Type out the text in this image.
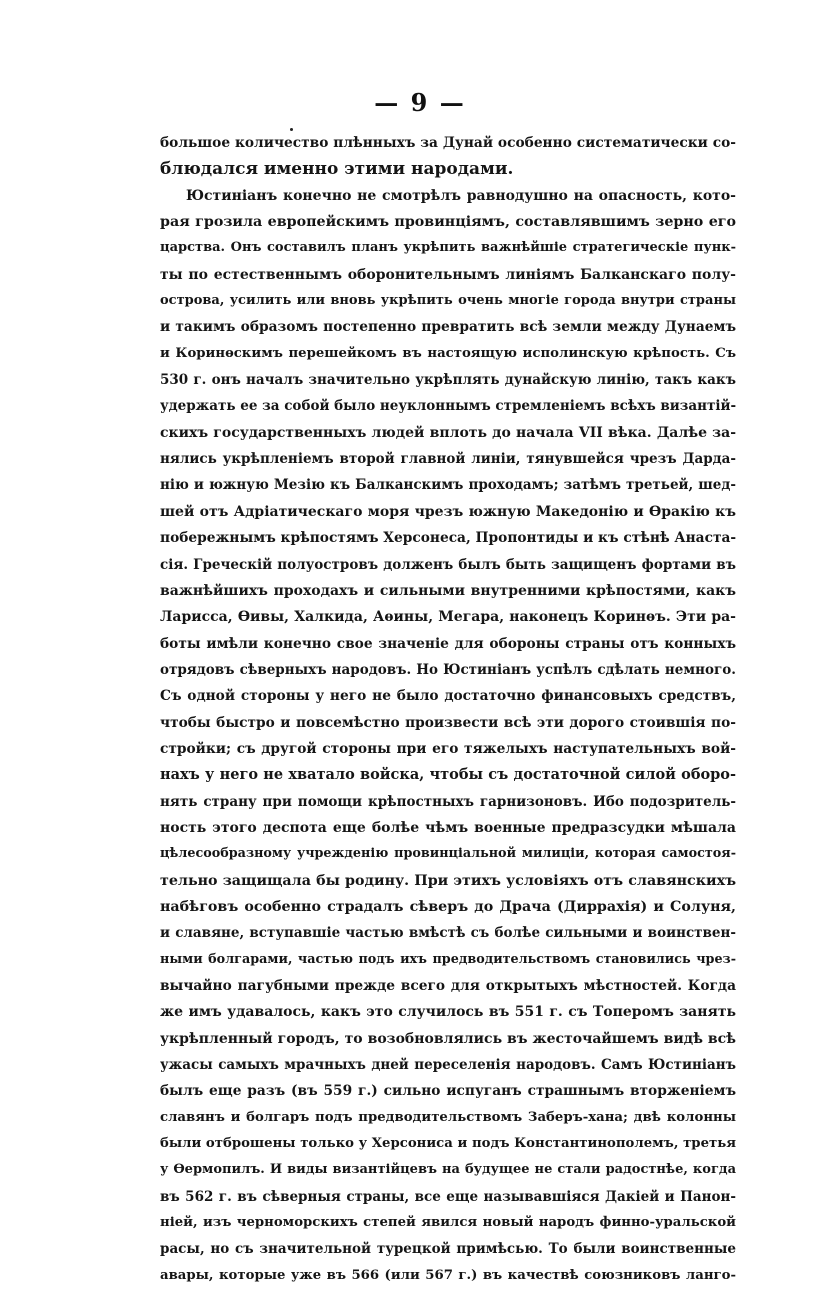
— 9 —
большое количество плѣнныхъ за Дунай особенно систематически со-
блюдался именно этими народами.
Юстиніанъ конечно не смотрѣлъ равнодушно на опасность, кото-
рая грозила европейскимъ провинціямъ, составлявшимъ зерно его
царства. Онъ составилъ планъ укрѣпить важнѣйшіе стратегическіе пунк-
ты по естественнымъ оборонительнымъ линіямъ Балканскаго полу-
острова, усилить или вновь укрѣпить очень многіе города внутри страны
и такимъ образомъ постепенно превратить всѣ земли между Дунаемъ
и Коринѳскимъ перешейкомъ въ настоящую исполинскую крѣпость. Съ
530 г. онъ началъ значительно укрѣплять дунайскую линію, такъ какъ
удержать ее за собой было неуклоннымъ стремленіемъ всѣхъ византій-
скихъ государственныхъ людей вплоть до начала VII вѣка. Далѣе за-
нялись укрѣпленіемъ второй главной линіи, тянувшейся чрезъ Дарда-
нію и южную Мезію къ Балканскимъ проходамъ; затѣмъ третьей, шед-
шей отъ Адріатическаго моря чрезъ южную Македонію и Ѳракію къ
побережнымъ крѣпостямъ Херсонеса, Пропонтиды и къ стѣнѣ Анаста-
сія. Греческій полуостровъ долженъ былъ быть защищенъ фортами въ
важнѣйшихъ проходахъ и сильными внутренними крѣпостями, какъ
Ларисса, Ѳивы, Халкида, Аѳины, Мегара, наконецъ Коринѳъ. Эти ра-
боты имѣли конечно свое значеніе для обороны страны отъ конныхъ
отрядовъ сѣверныхъ народовъ. Но Юстиніанъ успѣлъ сдѣлать немного.
Съ одной стороны у него не было достаточно финансовыхъ средствъ,
чтобы быстро и повсемѣстно произвести всѣ эти дорого стоившія по-
стройки; съ другой стороны при его тяжелыхъ наступательныхъ вой-
нахъ у него не хватало войска, чтобы съ достаточной силой оборо-
нять страну при помощи крѣпостныхъ гарнизоновъ. Ибо подозритель-
ность этого деспота еще болѣе чѣмъ военные предразсудки мѣшала
цѣлесообразному учрежденію провинціальной милиціи, которая самостоя-
тельно защищала бы родину. При этихъ условіяхъ отъ славянскихъ
набѣговъ особенно страдалъ сѣверъ до Драча (Диррахія) и Солуня,
и славяне, вступавшіе частью вмѣстѣ съ болѣе сильными и воинствен-
ными болгарами, частью подъ ихъ предводительствомъ становились чрез-
вычайно пагубными прежде всего для открытыхъ мѣстностей. Когда
же имъ удавалось, какъ это случилось въ 551 г. съ Топеромъ занять
укрѣпленный городъ, то возобновлялись въ жесточайшемъ видѣ всѣ
ужасы самыхъ мрачныхъ дней переселенія народовъ. Самъ Юстиніанъ
былъ еще разъ (въ 559 г.) сильно испуганъ страшнымъ вторженіемъ
славянъ и болгаръ подъ предводительствомъ Заберъ-хана; двѣ колонны
были отброшены только у Херсониса и подъ Константинополемъ, третья
у Ѳермопилъ. И виды византійцевъ на будущее не стали радостнѣе, когда
въ 562 г. въ сѣверныя страны, все еще называвшіяся Дакіей и Панон-
ніей, изъ черноморскихъ степей явился новый народъ финно-уральской
расы, но съ значительной турецкой примѣсью. То были воинственные
авары, которые уже въ 566 (или 567 г.) въ качествѣ союзниковъ ланго-
